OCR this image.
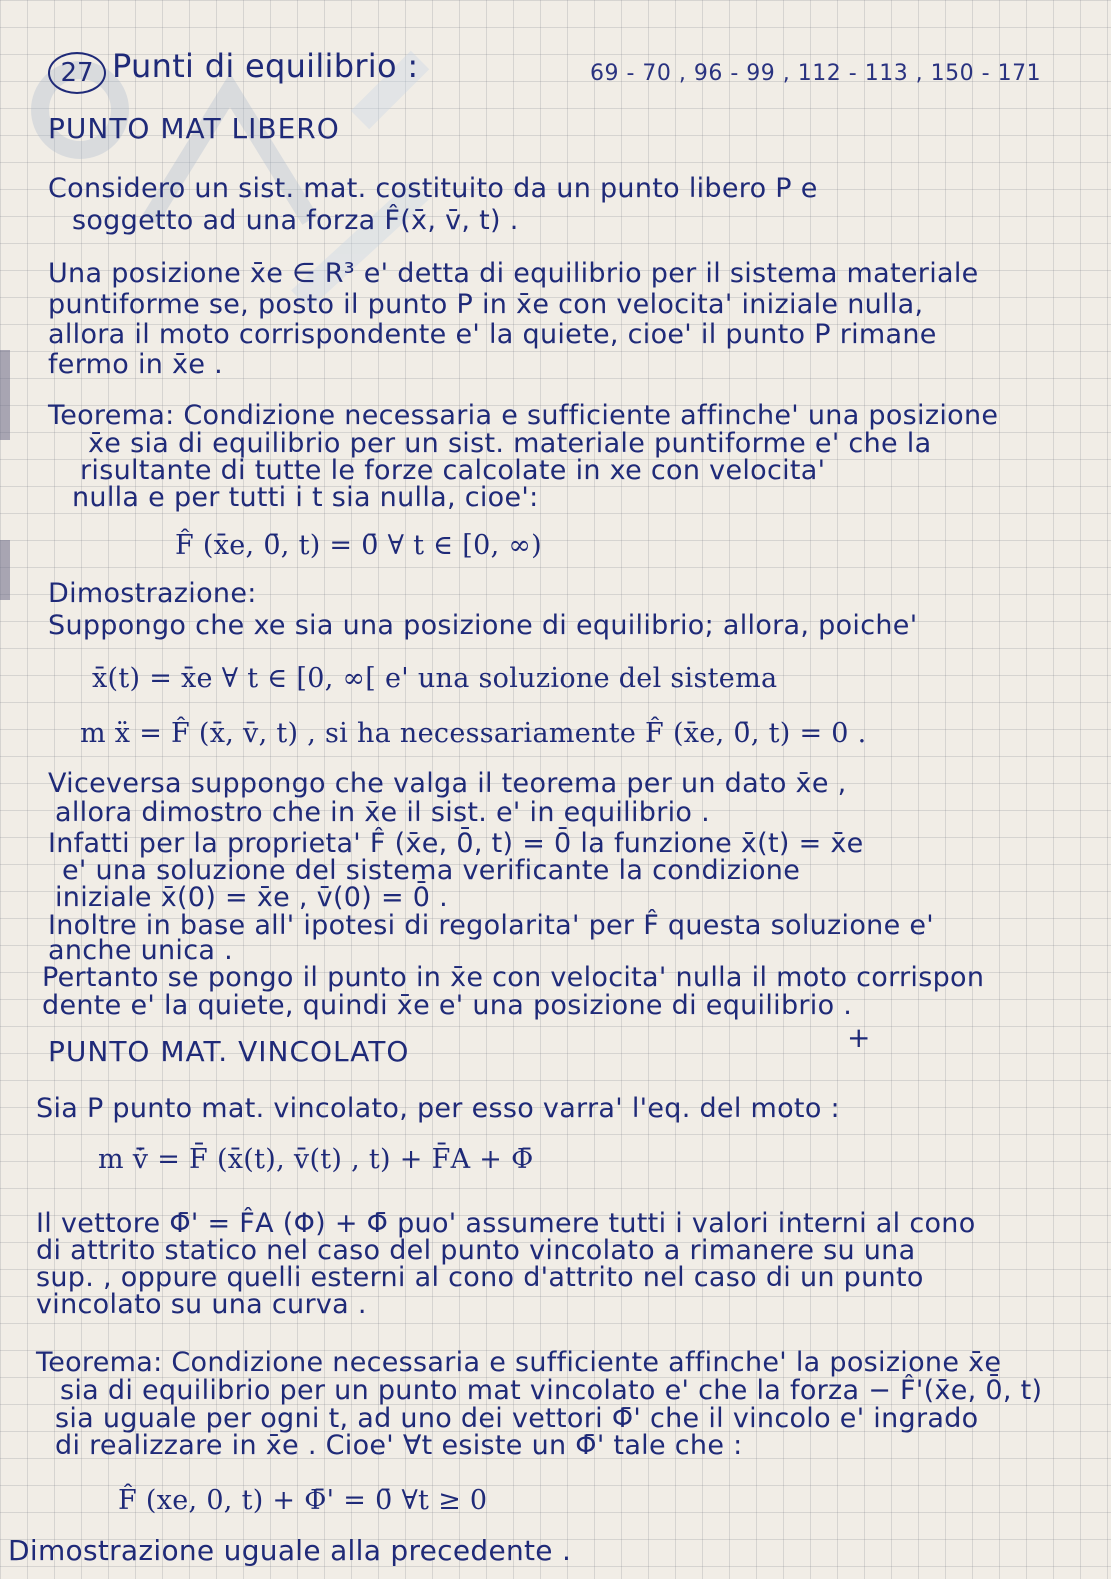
27 Punti di equilibrio :	69 - 70 , 96 - 99 , 112 - 113 , 150 - 171
PUNTO MAT LIBERO
Considero un sist. mat. costituito da un punto libero P e
soggetto ad una forza F̂(x̄, v̄, t) .
Una posizione x̄e ∈ R³ e' detta di equilibrio per il sistema materiale
puntiforme se, posto il punto P in x̄e con velocita' iniziale nulla,
allora il moto corrispondente e' la quiete, cioe' il punto P rimane
fermo in x̄e .
Teorema: Condizione necessaria e sufficiente affinche' una posizione
x̄e sia di equilibrio per un sist. materiale puntiforme e' che la
risultante di tutte le forze calcolate in xe con velocita'
nulla e per tutti i t sia nulla, cioe':
F̂ (x̄e, 0̄, t) = 0̄ ∀ t ∈ [0, ∞)
Dimostrazione:
Suppongo che xe sia una posizione di equilibrio; allora, poiche'
x̄(t) = x̄e ∀ t ∈ [0, ∞[ e' una soluzione del sistema
m ẍ = F̂ (x̄, v̄, t) , si ha necessariamente F̂ (x̄e, 0̄, t) = 0 .
Viceversa suppongo che valga il teorema per un dato x̄e ,
allora dimostro che in x̄e il sist. e' in equilibrio .
Infatti per la proprieta' F̂ (x̄e, 0̄, t) = 0̄ la funzione x̄(t) = x̄e
e' una soluzione del sistema verificante la condizione
iniziale x̄(0) = x̄e , v̄(0) = 0̄ .
Inoltre in base all' ipotesi di regolarita' per F̂ questa soluzione e'
anche unica .
Pertanto se pongo il punto in x̄e con velocita' nulla il moto corrispon
dente e' la quiete, quindi x̄e e' una posizione di equilibrio .
PUNTO MAT. VINCOLATO	+
Sia P punto mat. vincolato, per esso varra' l'eq. del moto :
m v̄̇ = F̄ (x̄(t), v̄(t) , t) + F̄A + Φ̄
Il vettore Φ̄' = F̂A (Φ) + Φ̄ puo' assumere tutti i valori interni al cono
di attrito statico nel caso del punto vincolato a rimanere su una
sup. , oppure quelli esterni al cono d'attrito nel caso di un punto
vincolato su una curva .
Teorema: Condizione necessaria e sufficiente affinche' la posizione x̄e
sia di equilibrio per un punto mat vincolato e' che la forza − F̂'(x̄e, 0̄, t)
sia uguale per ogni t, ad uno dei vettori Φ̄' che il vincolo e' ingrado
di realizzare in x̄e . Cioe' ∀t esiste un Φ̄' tale che :
F̂ (xe, 0, t) + Φ̄' = 0̄ ∀t ≥ 0
Dimostrazione uguale alla precedente .
